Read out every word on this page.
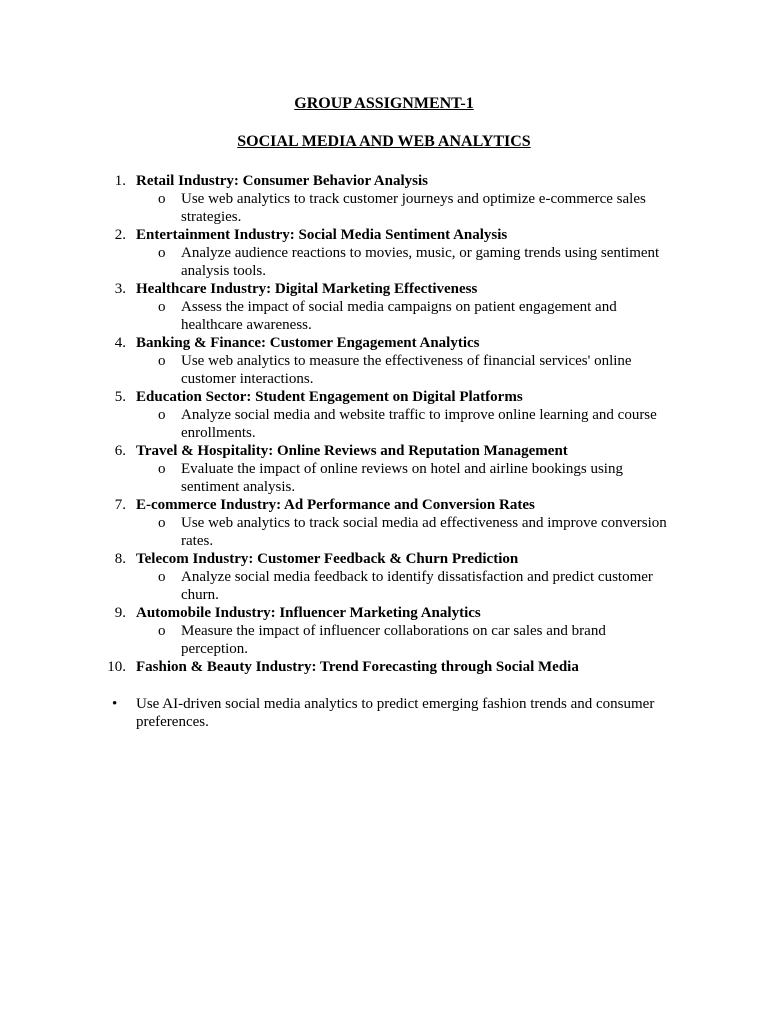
GROUP ASSIGNMENT-1

SOCIAL MEDIA AND WEB ANALYTICS

1. Retail Industry: Consumer Behavior Analysis
o Use web analytics to track customer journeys and optimize e-commerce sales strategies.
2. Entertainment Industry: Social Media Sentiment Analysis
o Analyze audience reactions to movies, music, or gaming trends using sentiment analysis tools.
3. Healthcare Industry: Digital Marketing Effectiveness
o Assess the impact of social media campaigns on patient engagement and healthcare awareness.
4. Banking & Finance: Customer Engagement Analytics
o Use web analytics to measure the effectiveness of financial services' online customer interactions.
5. Education Sector: Student Engagement on Digital Platforms
o Analyze social media and website traffic to improve online learning and course enrollments.
6. Travel & Hospitality: Online Reviews and Reputation Management
o Evaluate the impact of online reviews on hotel and airline bookings using sentiment analysis.
7. E-commerce Industry: Ad Performance and Conversion Rates
o Use web analytics to track social media ad effectiveness and improve conversion rates.
8. Telecom Industry: Customer Feedback & Churn Prediction
o Analyze social media feedback to identify dissatisfaction and predict customer churn.
9. Automobile Industry: Influencer Marketing Analytics
o Measure the impact of influencer collaborations on car sales and brand perception.
10. Fashion & Beauty Industry: Trend Forecasting through Social Media
• Use AI-driven social media analytics to predict emerging fashion trends and consumer preferences.
